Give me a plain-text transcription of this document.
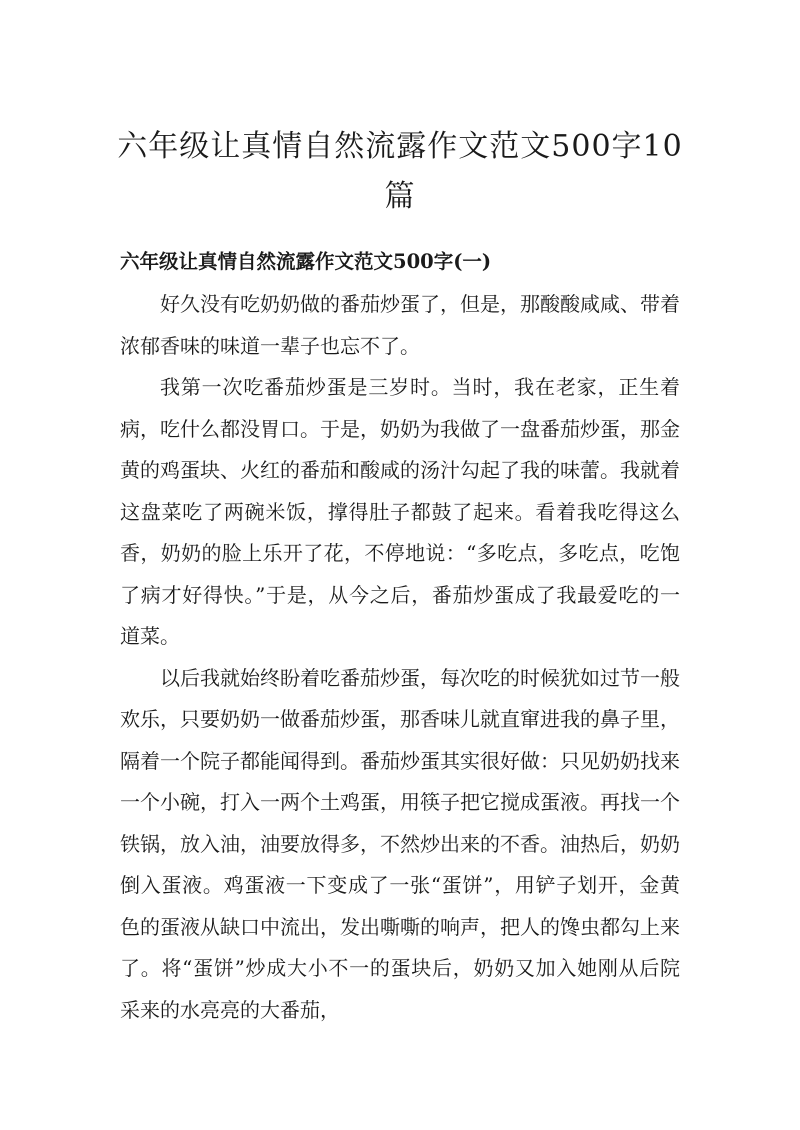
六年级让真情自然流露作文范文500字10篇
六年级让真情自然流露作文范文500字(一)

好久没有吃奶奶做的番茄炒蛋了，但是，那酸酸咸咸、带着浓郁香味的味道一辈子也忘不了。

我第一次吃番茄炒蛋是三岁时。当时，我在老家，正生着病，吃什么都没胃口。于是，奶奶为我做了一盘番茄炒蛋，那金黄的鸡蛋块、火红的番茄和酸咸的汤汁勾起了我的味蕾。我就着这盘菜吃了两碗米饭，撑得肚子都鼓了起来。看着我吃得这么香，奶奶的脸上乐开了花，不停地说：“多吃点，多吃点，吃饱了病才好得快。”于是，从今之后，番茄炒蛋成了我最爱吃的一道菜。

以后我就始终盼着吃番茄炒蛋，每次吃的时候犹如过节一般欢乐，只要奶奶一做番茄炒蛋，那香味儿就直窜进我的鼻子里，隔着一个院子都能闻得到。番茄炒蛋其实很好做：只见奶奶找来一个小碗，打入一两个土鸡蛋，用筷子把它搅成蛋液。再找一个铁锅，放入油，油要放得多，不然炒出来的不香。油热后，奶奶倒入蛋液。鸡蛋液一下变成了一张“蛋饼”，用铲子划开，金黄色的蛋液从缺口中流出，发出嘶嘶的响声，把人的馋虫都勾上来了。将“蛋饼”炒成大小不一的蛋块后，奶奶又加入她刚从后院采来的水亮亮的大番茄，
